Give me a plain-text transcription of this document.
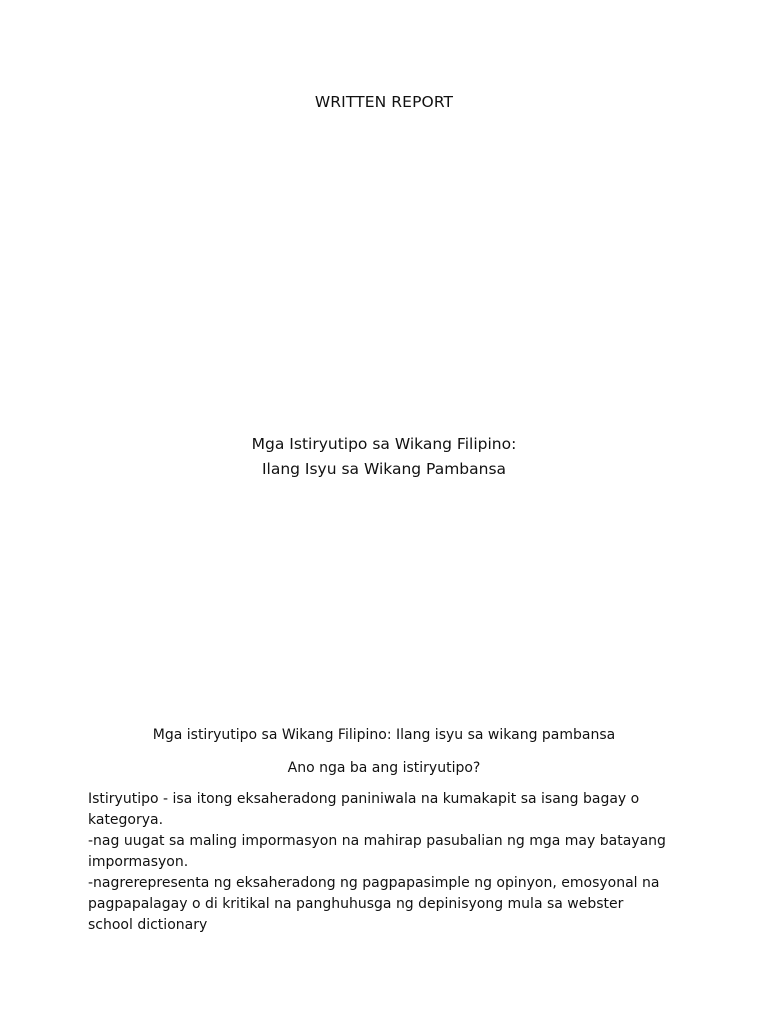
WRITTEN REPORT
Mga Istiryutipo sa Wikang Filipino:
Ilang Isyu sa Wikang Pambansa
Mga istiryutipo sa Wikang Filipino: Ilang isyu sa wikang pambansa
Ano nga ba ang istiryutipo?

Istiryutipo - isa itong eksaheradong paniniwala na kumakapit sa isang bagay o kategorya.

-nag uugat sa maling impormasyon na mahirap pasubalian ng mga may batayang impormasyon.

-nagrerepresenta ng eksaheradong ng pagpapasimple ng opinyon, emosyonal na pagpapalagay o di kritikal na panghuhusga ng depinisyong mula sa webster school dictionary
